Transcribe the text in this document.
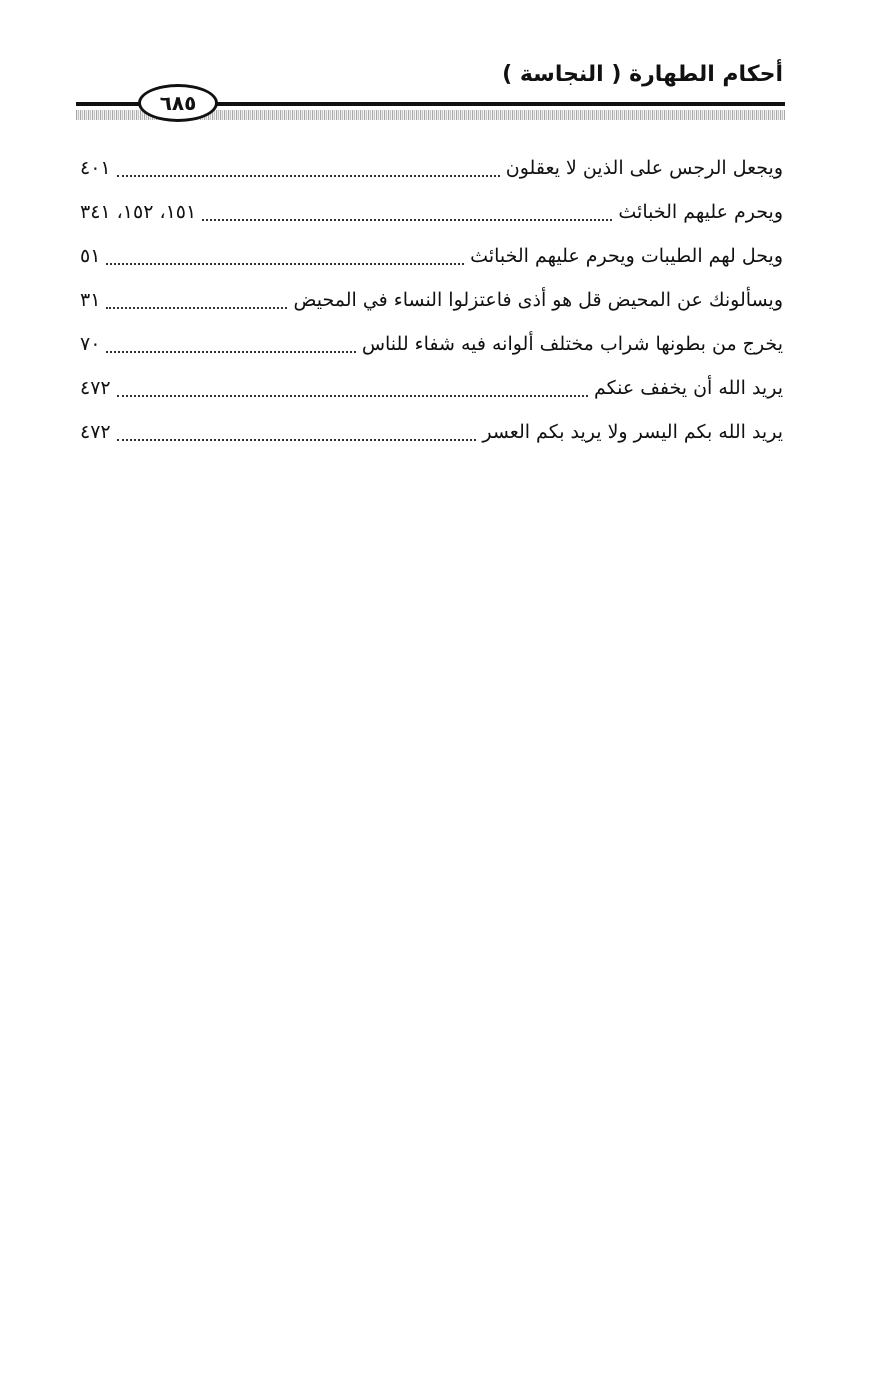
أحكام الطهارة ( النجاسة )
٦٨٥
ويجعل الرجس على الذين لا يعقلون
٤٠١
ويحرم عليهم الخبائث
١٥١، ١٥٢، ٣٤١
ويحل لهم الطيبات ويحرم عليهم الخبائث
٥١
ويسألونك عن المحيض قل هو أذى فاعتزلوا النساء في المحيض
٣١
يخرج من بطونها شراب مختلف ألوانه فيه شفاء للناس
٧٠
يريد الله أن يخفف عنكم
٤٧٢
يريد الله بكم اليسر ولا يريد بكم العسر
٤٧٢
